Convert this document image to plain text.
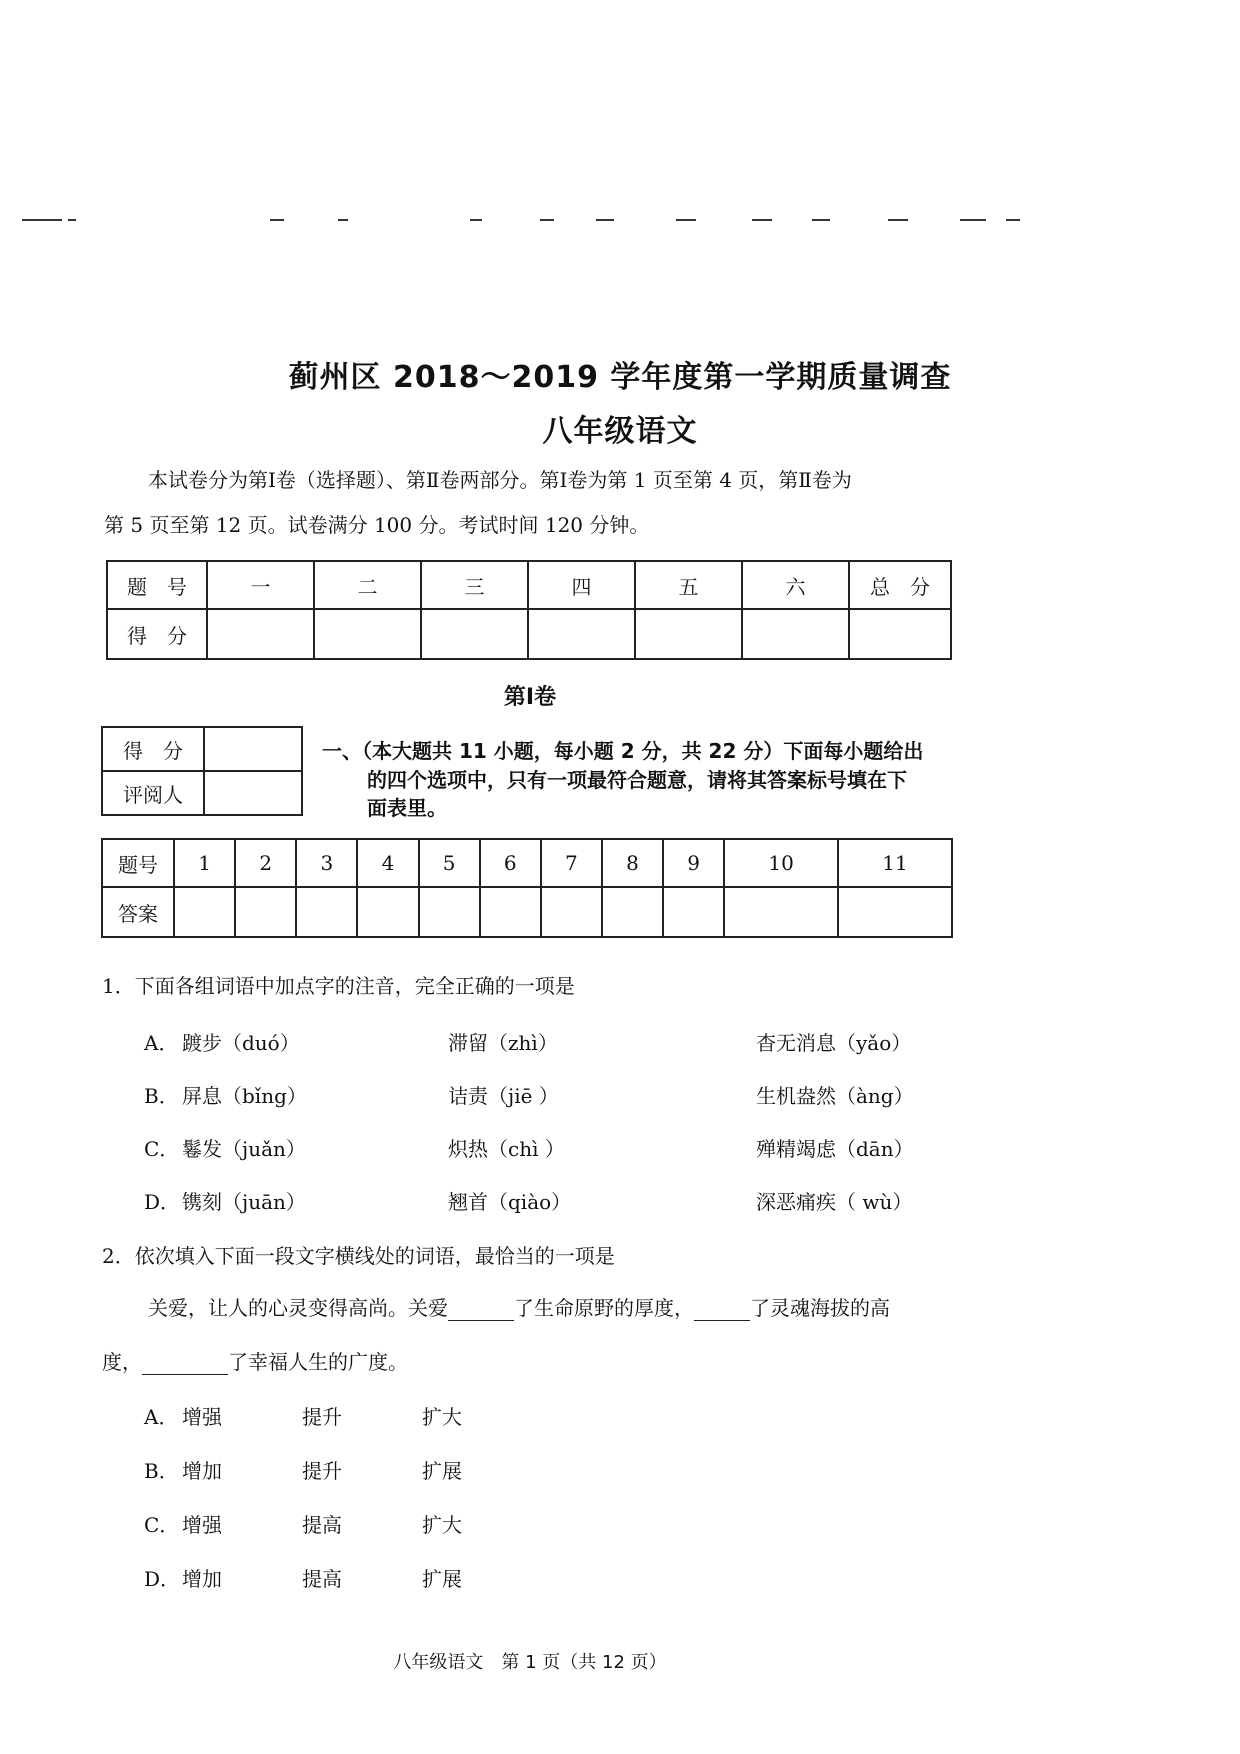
蓟州区 2018～2019 学年度第一学期质量调查
八年级语文
本试卷分为第Ⅰ卷（选择题）、第Ⅱ卷两部分。第Ⅰ卷为第 1 页至第 4 页，第Ⅱ卷为
第 5 页至第 12 页。试卷满分 100 分。考试时间 120 分钟。
题　号	一	二	三	四	五	六	总　分
得　分							
第Ⅰ卷
得　分	
评阅人	
一、（本大题共 11 小题，每小题 2 分，共 22 分）下面每小题给出
的四个选项中，只有一项最符合题意，请将其答案标号填在下
面表里。
题号	1	2	3	4	5	6	7	8	9	10	11
答案											
1．下面各组词语中加点字的注音，完全正确的一项是
A． 踱步（duó）	滞留（zhì）	杳无消息（yǎo）
B． 屏息（bǐng）	诘责（jiē ）	生机盎然（àng）
C． 鬈发（juǎn）	炽热（chì ）	殚精竭虑（dān）
D． 镌刻（juān）	翘首（qiào）	深恶痛疾（ wù）
2．依次填入下面一段文字横线处的词语，最恰当的一项是
关爱，让人的心灵变得高尚。关爱	了生命原野的厚度，	了灵魂海拔的高
度，	了幸福人生的广度。
A． 增强	提升	扩大
B． 增加	提升	扩展
C． 增强	提高	扩大
D． 增加	提高	扩展
八年级语文　第 1 页（共 12 页）
